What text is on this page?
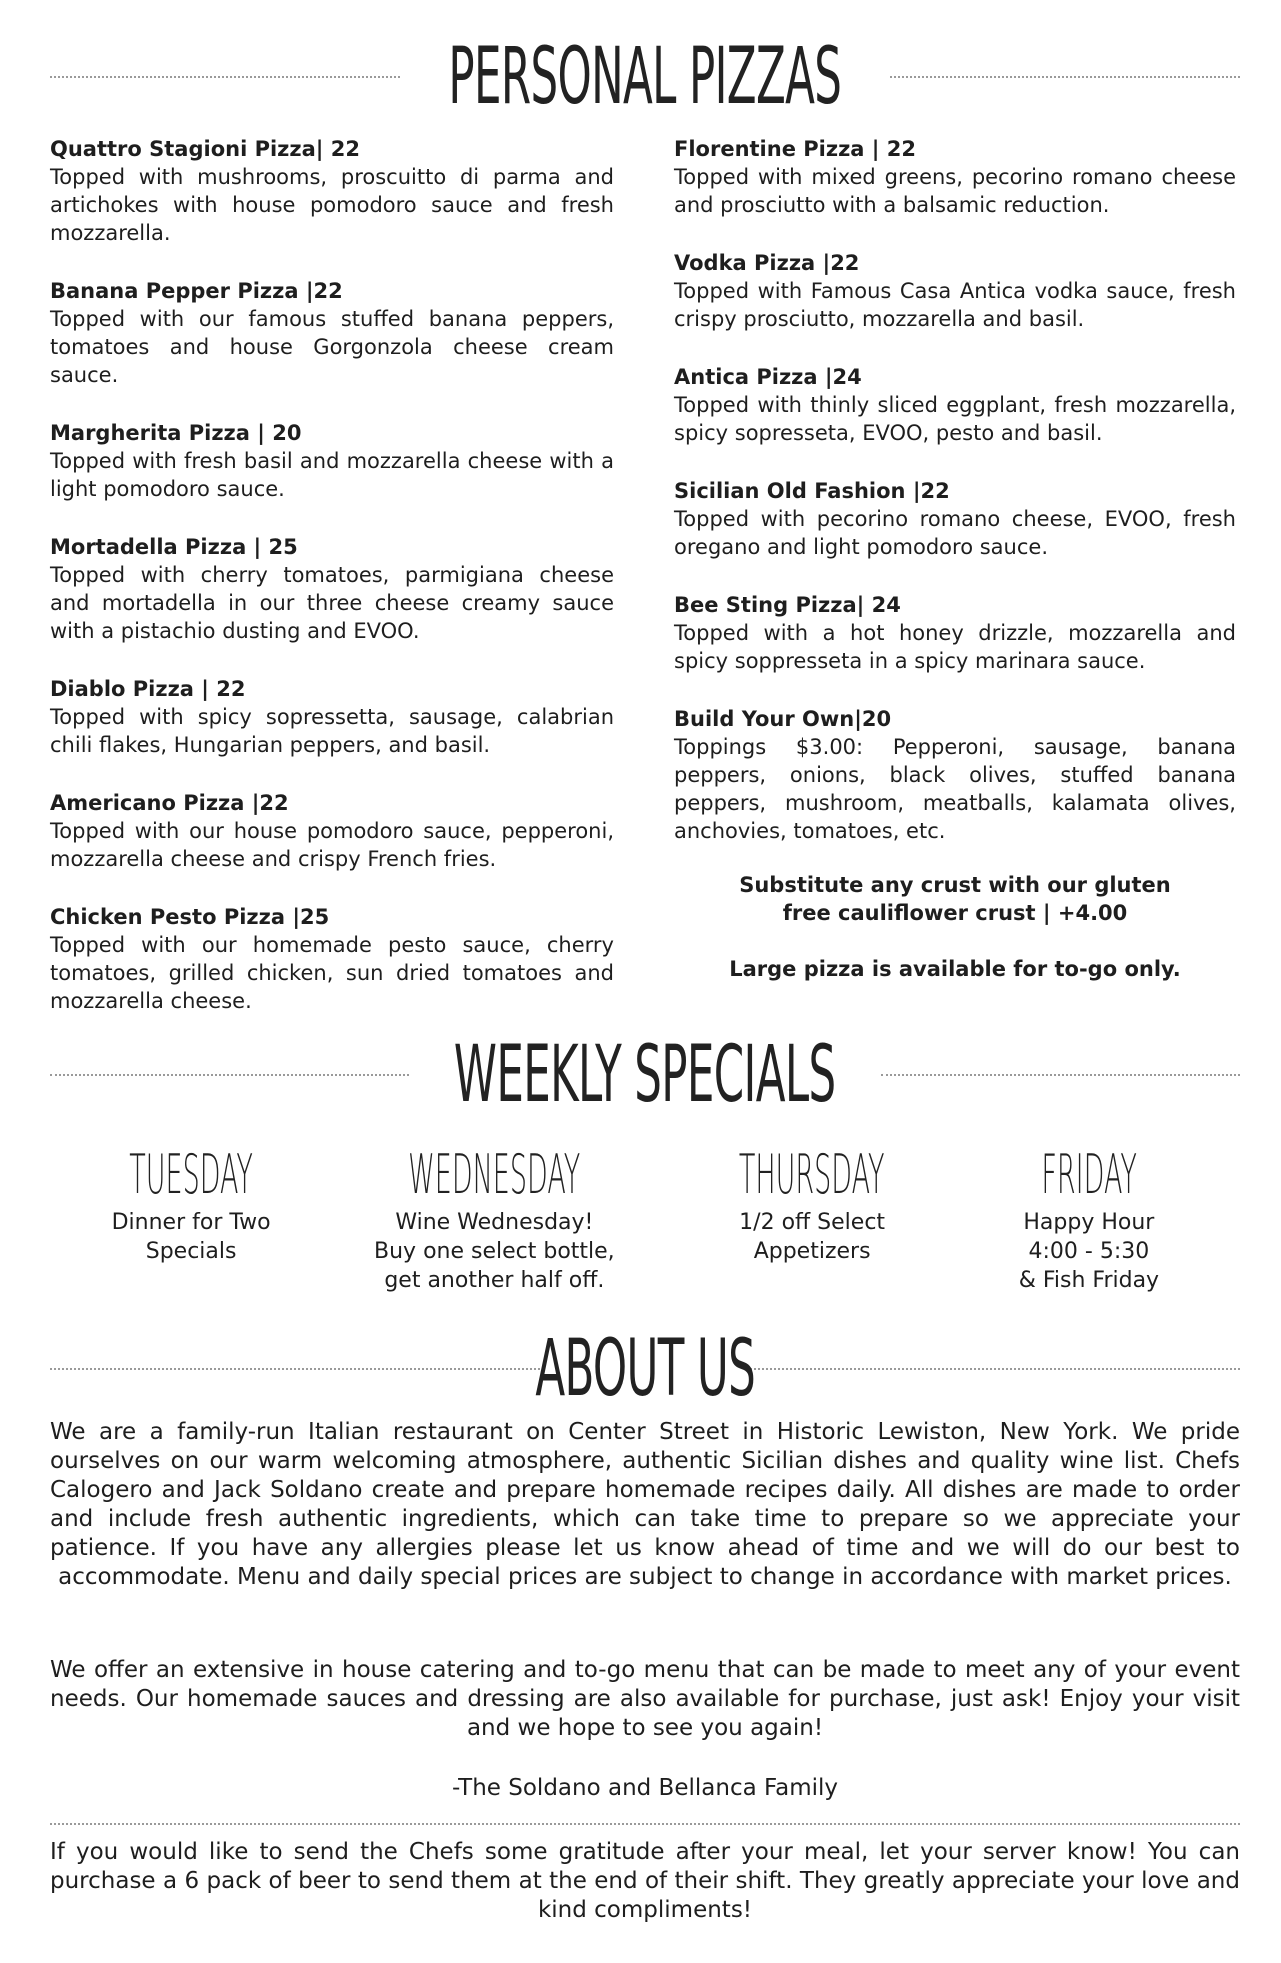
PERSONAL PIZZAS
Quattro Stagioni Pizza| 22
Topped with mushrooms, proscuitto di parma and artichokes with house pomodoro sauce and fresh mozzarella.
Banana Pepper Pizza |22
Topped with our famous stuffed banana peppers, tomatoes and house Gorgonzola cheese cream sauce.
Margherita Pizza | 20
Topped with fresh basil and mozzarella cheese with a light pomodoro sauce.
Mortadella Pizza | 25
Topped with cherry tomatoes, parmigiana cheese and mortadella in our three cheese creamy sauce with a pistachio dusting and EVOO.
Diablo Pizza | 22
Topped with spicy sopressetta, sausage, calabrian chili flakes, Hungarian peppers, and basil.
Americano Pizza |22
Topped with our house pomodoro sauce, pepperoni, mozzarella cheese and crispy French fries.
Chicken Pesto Pizza |25
Topped with our homemade pesto sauce, cherry tomatoes, grilled chicken, sun dried tomatoes and mozzarella cheese.
Florentine Pizza | 22
Topped with mixed greens, pecorino romano cheese and prosciutto with a balsamic reduction.
Vodka Pizza |22
Topped with Famous Casa Antica vodka sauce, fresh crispy prosciutto, mozzarella and basil.
Antica Pizza |24
Topped with thinly sliced eggplant, fresh mozzarella, spicy sopresseta, EVOO, pesto and basil.
Sicilian Old Fashion |22
Topped with pecorino romano cheese, EVOO, fresh oregano and light pomodoro sauce.
Bee Sting Pizza| 24
Topped with a hot honey drizzle, mozzarella and spicy soppresseta in a spicy marinara sauce.
Build Your Own|20
Toppings $3.00: Pepperoni, sausage, banana peppers, onions, black olives, stuffed banana peppers, mushroom, meatballs, kalamata olives, anchovies, tomatoes, etc.
Substitute any crust with our gluten free cauliflower crust | +4.00
Large pizza is available for to-go only.
WEEKLY SPECIALS
TUESDAY
Dinner for Two
Specials
WEDNESDAY
Wine Wednesday!
Buy one select bottle,
get another half off.
THURSDAY
1/2 off Select
Appetizers
FRIDAY
Happy Hour
4:00 - 5:30
& Fish Friday
ABOUT US
We are a family-run Italian restaurant on Center Street in Historic Lewiston, New York. We pride ourselves on our warm welcoming atmosphere, authentic Sicilian dishes and quality wine list. Chefs Calogero and Jack Soldano create and prepare homemade recipes daily. All dishes are made to order and include fresh authentic ingredients, which can take time to prepare so we appreciate your patience. If you have any allergies please let us know ahead of time and we will do our best to accommodate. Menu and daily special prices are subject to change in accordance with market prices.
We offer an extensive in house catering and to-go menu that can be made to meet any of your event needs. Our homemade sauces and dressing are also available for purchase, just ask! Enjoy your visit and we hope to see you again!
-The Soldano and Bellanca Family
If you would like to send the Chefs some gratitude after your meal, let your server know! You can purchase a 6 pack of beer to send them at the end of their shift. They greatly appreciate your love and kind compliments!
